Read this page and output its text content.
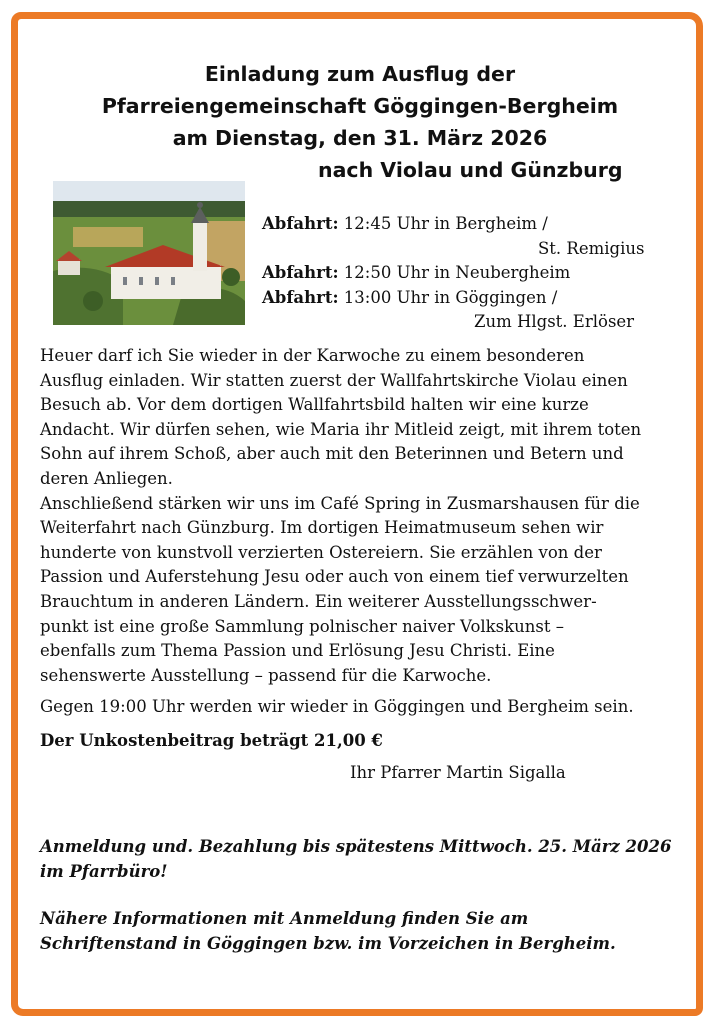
Einladung zum Ausflug der
Pfarreiengemeinschaft Göggingen-Bergheim
am Dienstag, den 31. März 2026
nach Violau und Günzburg
Abfahrt: 12:45 Uhr in Bergheim /
St. Remigius
Abfahrt: 12:50 Uhr in Neubergheim
Abfahrt: 13:00 Uhr in Göggingen /
Zum Hlgst. Erlöser

Heuer darf ich Sie wieder in der Karwoche zu einem besonderen

Ausflug einladen. Wir statten zuerst der Wallfahrtskirche Violau einen

Besuch ab. Vor dem dortigen Wallfahrtsbild halten wir eine kurze

Andacht. Wir dürfen sehen, wie Maria ihr Mitleid zeigt, mit ihrem toten

Sohn auf ihrem Schoß, aber auch mit den Beterinnen und Betern und

deren Anliegen.

Anschließend stärken wir uns im Café Spring in Zusmarshausen für die

Weiterfahrt nach Günzburg. Im dortigen Heimatmuseum sehen wir

hunderte von kunstvoll verzierten Ostereiern. Sie erzählen von der

Passion und Auferstehung Jesu oder auch von einem tief verwurzelten

Brauchtum in anderen Ländern. Ein weiterer Ausstellungsschwer-

punkt ist eine große Sammlung polnischer naiver Volkskunst –

ebenfalls zum Thema Passion und Erlösung Jesu Christi. Eine

sehenswerte Ausstellung – passend für die Karwoche.

Gegen 19:00 Uhr werden wir wieder in Göggingen und Bergheim sein.
Der Unkostenbeitrag beträgt 21,00 €
Ihr Pfarrer Martin Sigalla
Anmeldung und. Bezahlung bis spätestens Mittwoch. 25. März 2026
im Pfarrbüro!
Nähere Informationen mit Anmeldung finden Sie am
Schriftenstand in Göggingen bzw. im Vorzeichen in Bergheim.
